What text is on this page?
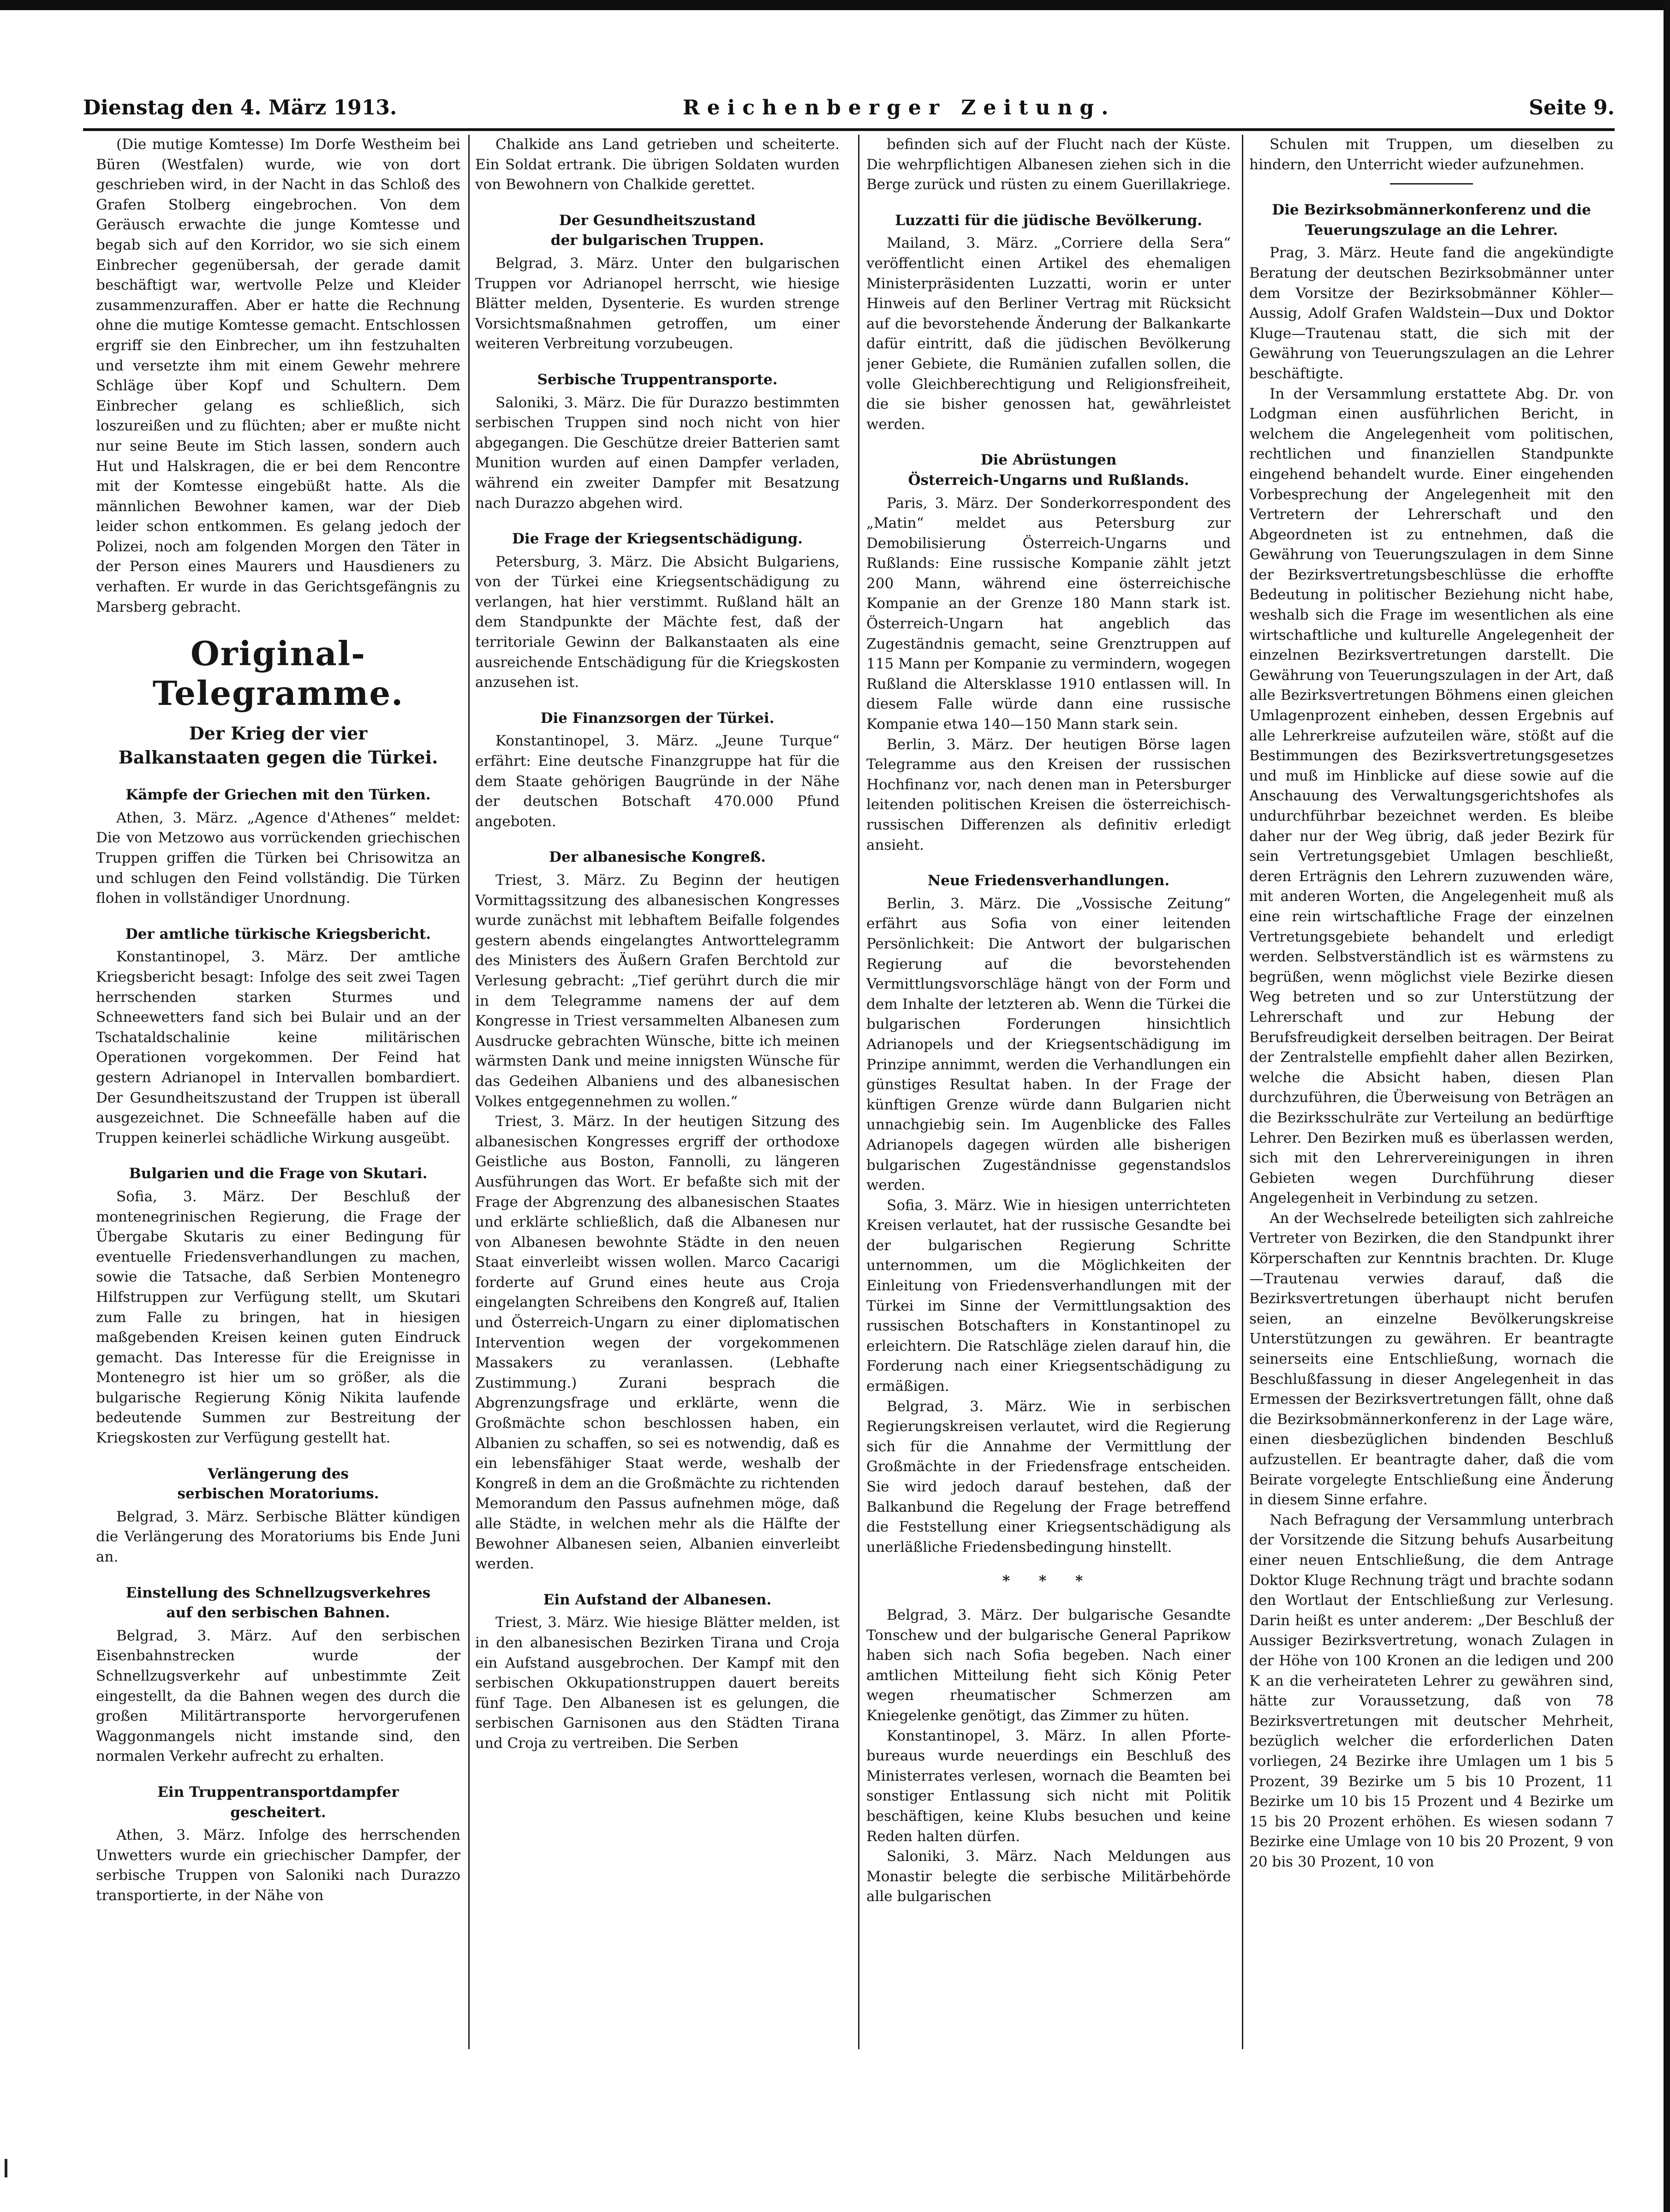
Dienstag den 4. März 1913.	Reichenberger Zeitung.	Seite 9.

(Die mutige Komtesse) Im Dorfe Westheim bei Büren (Westfalen) wurde, wie von dort geschrieben wird, in der Nacht in das Schloß des Grafen Stolberg eingebrochen. Von dem Geräusch erwachte die junge Komtesse und begab sich auf den Korridor, wo sie sich einem Einbrecher gegenübersah, der gerade damit beschäftigt war, wertvolle Pelze und Kleider zusammenzuraffen. Aber er hatte die Rechnung ohne die mutige Komtesse gemacht. Entschlossen ergriff sie den Einbrecher, um ihn festzuhalten und versetzte ihm mit einem Gewehr mehrere Schläge über Kopf und Schultern. Dem Einbrecher gelang es schließlich, sich loszureißen und zu flüchten; aber er mußte nicht nur seine Beute im Stich lassen, sondern auch Hut und Halskragen, die er bei dem Rencontre mit der Komtesse eingebüßt hatte. Als die männlichen Bewohner kamen, war der Dieb leider schon entkommen. Es gelang jedoch der Polizei, noch am folgenden Morgen den Täter in der Person eines Maurers und Hausdieners zu verhaften. Er wurde in das Gerichtsgefängnis zu Marsberg gebracht.

Original-Telegramme.
Der Krieg der vier
Balkanstaaten gegen die Türkei.
Kämpfe der Griechen mit den Türken.

Athen, 3. März. „Agence d'Athenes“ meldet: Die von Metzowo aus vorrückenden griechischen Truppen griffen die Türken bei Chrisowitza an und schlugen den Feind vollständig. Die Türken flohen in vollständiger Unordnung.

Der amtliche türkische Kriegsbericht.

Konstantinopel, 3. März. Der amtliche Kriegsbericht besagt: Infolge des seit zwei Tagen herrschenden starken Sturmes und Schneewetters fand sich bei Bulair und an der Tschataldschalinie keine militärischen Operationen vorgekommen. Der Feind hat gestern Adrianopel in Intervallen bombardiert. Der Gesundheitszustand der Truppen ist überall ausgezeichnet. Die Schneefälle haben auf die Truppen keinerlei schädliche Wirkung ausgeübt.

Bulgarien und die Frage von Skutari.

Sofia, 3. März. Der Beschluß der montenegrinischen Regierung, die Frage der Übergabe Skutaris zu einer Bedingung für eventuelle Friedensverhandlungen zu machen, sowie die Tatsache, daß Serbien Montenegro Hilfstruppen zur Verfügung stellt, um Skutari zum Falle zu bringen, hat in hiesigen maßgebenden Kreisen keinen guten Eindruck gemacht. Das Interesse für die Ereignisse in Montenegro ist hier um so größer, als die bulgarische Regierung König Nikita laufende bedeutende Summen zur Bestreitung der Kriegskosten zur Verfügung gestellt hat.

Verlängerung des
serbischen Moratoriums.

Belgrad, 3. März. Serbische Blätter kündigen die Verlängerung des Moratoriums bis Ende Juni an.

Einstellung des Schnellzugsverkehres
auf den serbischen Bahnen.

Belgrad, 3. März. Auf den serbischen Eisenbahnstrecken wurde der Schnellzugsverkehr auf unbestimmte Zeit eingestellt, da die Bahnen wegen des durch die großen Militärtransporte hervorgerufenen Waggonmangels nicht imstande sind, den normalen Verkehr aufrecht zu erhalten.

Ein Truppentransportdampfer
gescheitert.

Athen, 3. März. Infolge des herrschenden Unwetters wurde ein griechischer Dampfer, der serbische Truppen von Saloniki nach Durazzo transportierte, in der Nähe von

Chalkide ans Land getrieben und scheiterte. Ein Soldat ertrank. Die übrigen Soldaten wurden von Bewohnern von Chalkide gerettet.

Der Gesundheitszustand
der bulgarischen Truppen.

Belgrad, 3. März. Unter den bulgarischen Truppen vor Adrianopel herrscht, wie hiesige Blätter melden, Dysenterie. Es wurden strenge Vorsichtsmaßnahmen getroffen, um einer weiteren Verbreitung vorzubeugen.

Serbische Truppentransporte.

Saloniki, 3. März. Die für Durazzo bestimmten serbischen Truppen sind noch nicht von hier abgegangen. Die Geschütze dreier Batterien samt Munition wurden auf einen Dampfer verladen, während ein zweiter Dampfer mit Besatzung nach Durazzo abgehen wird.

Die Frage der Kriegsentschädigung.

Petersburg, 3. März. Die Absicht Bulgariens, von der Türkei eine Kriegsentschädigung zu verlangen, hat hier verstimmt. Rußland hält an dem Standpunkte der Mächte fest, daß der territoriale Gewinn der Balkanstaaten als eine ausreichende Entschädigung für die Kriegskosten anzusehen ist.

Die Finanzsorgen der Türkei.

Konstantinopel, 3. März. „Jeune Turque“ erfährt: Eine deutsche Finanzgruppe hat für die dem Staate gehörigen Baugründe in der Nähe der deutschen Botschaft 470.000 Pfund angeboten.

Der albanesische Kongreß.

Triest, 3. März. Zu Beginn der heutigen Vormittagssitzung des albanesischen Kongresses wurde zunächst mit lebhaftem Beifalle folgendes gestern abends eingelangtes Antworttelegramm des Ministers des Äußern Grafen Berchtold zur Verlesung gebracht: „Tief gerührt durch die mir in dem Telegramme namens der auf dem Kongresse in Triest versammelten Albanesen zum Ausdrucke gebrachten Wünsche, bitte ich meinen wärmsten Dank und meine innigsten Wünsche für das Gedeihen Albaniens und des albanesischen Volkes entgegennehmen zu wollen.“

Triest, 3. März. In der heutigen Sitzung des albanesischen Kongresses ergriff der orthodoxe Geistliche aus Boston, Fannolli, zu längeren Ausführungen das Wort. Er befaßte sich mit der Frage der Abgrenzung des albanesischen Staates und erklärte schließlich, daß die Albanesen nur von Albanesen bewohnte Städte in den neuen Staat einverleibt wissen wollen. Marco Cacarigi forderte auf Grund eines heute aus Croja eingelangten Schreibens den Kongreß auf, Italien und Österreich-Ungarn zu einer diplomatischen Intervention wegen der vorgekommenen Massakers zu veranlassen. (Lebhafte Zustimmung.) Zurani besprach die Abgrenzungsfrage und erklärte, wenn die Großmächte schon beschlossen haben, ein Albanien zu schaffen, so sei es notwendig, daß es ein lebensfähiger Staat werde, weshalb der Kongreß in dem an die Großmächte zu richtenden Memorandum den Passus aufnehmen möge, daß alle Städte, in welchen mehr als die Hälfte der Bewohner Albanesen seien, Albanien einverleibt werden.

Ein Aufstand der Albanesen.

Triest, 3. März. Wie hiesige Blätter melden, ist in den albanesischen Bezirken Tirana und Croja ein Aufstand ausgebrochen. Der Kampf mit den serbischen Okkupationstruppen dauert bereits fünf Tage. Den Albanesen ist es gelungen, die serbischen Garnisonen aus den Städten Tirana und Croja zu vertreiben. Die Serben

befinden sich auf der Flucht nach der Küste. Die wehrpflichtigen Albanesen ziehen sich in die Berge zurück und rüsten zu einem Guerillakriege.

Luzzatti für die jüdische Bevölkerung.

Mailand, 3. März. „Corriere della Sera“ veröffentlicht einen Artikel des ehemaligen Ministerpräsidenten Luzzatti, worin er unter Hinweis auf den Berliner Vertrag mit Rücksicht auf die bevorstehende Änderung der Balkankarte dafür eintritt, daß die jüdischen Bevölkerung jener Gebiete, die Rumänien zufallen sollen, die volle Gleichberechtigung und Religionsfreiheit, die sie bisher genossen hat, gewährleistet werden.

Die Abrüstungen
Österreich-Ungarns und Rußlands.

Paris, 3. März. Der Sonderkorrespondent des „Matin“ meldet aus Petersburg zur Demobilisierung Österreich-Ungarns und Rußlands: Eine russische Kompanie zählt jetzt 200 Mann, während eine österreichische Kompanie an der Grenze 180 Mann stark ist. Österreich-Ungarn hat angeblich das Zugeständnis gemacht, seine Grenztruppen auf 115 Mann per Kompanie zu vermindern, wogegen Rußland die Altersklasse 1910 entlassen will. In diesem Falle würde dann eine russische Kompanie etwa 140—150 Mann stark sein.

Berlin, 3. März. Der heutigen Börse lagen Telegramme aus den Kreisen der russischen Hochfinanz vor, nach denen man in Petersburger leitenden politischen Kreisen die österreichisch-russischen Differenzen als definitiv erledigt ansieht.

Neue Friedensverhandlungen.

Berlin, 3. März. Die „Vossische Zeitung“ erfährt aus Sofia von einer leitenden Persönlichkeit: Die Antwort der bulgarischen Regierung auf die bevorstehenden Vermittlungsvorschläge hängt von der Form und dem Inhalte der letzteren ab. Wenn die Türkei die bulgarischen Forderungen hinsichtlich Adrianopels und der Kriegsentschädigung im Prinzipe annimmt, werden die Verhandlungen ein günstiges Resultat haben. In der Frage der künftigen Grenze würde dann Bulgarien nicht unnachgiebig sein. Im Augenblicke des Falles Adrianopels dagegen würden alle bisherigen bulgarischen Zugeständnisse gegenstandslos werden.

Sofia, 3. März. Wie in hiesigen unterrichteten Kreisen verlautet, hat der russische Gesandte bei der bulgarischen Regierung Schritte unternommen, um die Möglichkeiten der Einleitung von Friedensverhandlungen mit der Türkei im Sinne der Vermittlungsaktion des russischen Botschafters in Konstantinopel zu erleichtern. Die Ratschläge zielen darauf hin, die Forderung nach einer Kriegsentschädigung zu ermäßigen.

Belgrad, 3. März. Wie in serbischen Regierungskreisen verlautet, wird die Regierung sich für die Annahme der Vermittlung der Großmächte in der Friedensfrage entscheiden. Sie wird jedoch darauf bestehen, daß der Balkanbund die Regelung der Frage betreffend die Feststellung einer Kriegsentschädigung als unerläßliche Friedensbedingung hinstellt.

* * *

Belgrad, 3. März. Der bulgarische Gesandte Tonschew und der bulgarische General Paprikow haben sich nach Sofia begeben. Nach einer amtlichen Mitteilung fieht sich König Peter wegen rheumatischer Schmerzen am Kniegelenke genötigt, das Zimmer zu hüten.

Konstantinopel, 3. März. In allen Pforte-bureaus wurde neuerdings ein Beschluß des Ministerrates verlesen, wornach die Beamten bei sonstiger Entlassung sich nicht mit Politik beschäftigen, keine Klubs besuchen und keine Reden halten dürfen.

Saloniki, 3. März. Nach Meldungen aus Monastir belegte die serbische Militärbehörde alle bulgarischen

Schulen mit Truppen, um dieselben zu hindern, den Unterricht wieder aufzunehmen.

Die Bezirksobmännerkonferenz und die
Teuerungszulage an die Lehrer.

Prag, 3. März. Heute fand die angekündigte Beratung der deutschen Bezirksobmänner unter dem Vorsitze der Bezirksobmänner Köhler—Aussig, Adolf Grafen Waldstein—Dux und Doktor Kluge—Trautenau statt, die sich mit der Gewährung von Teuerungszulagen an die Lehrer beschäftigte.

In der Versammlung erstattete Abg. Dr. von Lodgman einen ausführlichen Bericht, in welchem die Angelegenheit vom politischen, rechtlichen und finanziellen Standpunkte eingehend behandelt wurde. Einer eingehenden Vorbesprechung der Angelegenheit mit den Vertretern der Lehrerschaft und den Abgeordneten ist zu entnehmen, daß die Gewährung von Teuerungszulagen in dem Sinne der Bezirksvertretungsbeschlüsse die erhoffte Bedeutung in politischer Beziehung nicht habe, weshalb sich die Frage im wesentlichen als eine wirtschaftliche und kulturelle Angelegenheit der einzelnen Bezirksvertretungen darstellt. Die Gewährung von Teuerungszulagen in der Art, daß alle Bezirksvertretungen Böhmens einen gleichen Umlagenprozent einheben, dessen Ergebnis auf alle Lehrerkreise aufzuteilen wäre, stößt auf die Bestimmungen des Bezirksvertretungsgesetzes und muß im Hinblicke auf diese sowie auf die Anschauung des Verwaltungsgerichtshofes als undurchführbar bezeichnet werden. Es bleibe daher nur der Weg übrig, daß jeder Bezirk für sein Vertretungsgebiet Umlagen beschließt, deren Erträgnis den Lehrern zuzuwenden wäre, mit anderen Worten, die Angelegenheit muß als eine rein wirtschaftliche Frage der einzelnen Vertretungsgebiete behandelt und erledigt werden. Selbstverständlich ist es wärmstens zu begrüßen, wenn möglichst viele Bezirke diesen Weg betreten und so zur Unterstützung der Lehrerschaft und zur Hebung der Berufsfreudigkeit derselben beitragen. Der Beirat der Zentralstelle empfiehlt daher allen Bezirken, welche die Absicht haben, diesen Plan durchzuführen, die Überweisung von Beträgen an die Bezirksschulräte zur Verteilung an bedürftige Lehrer. Den Bezirken muß es überlassen werden, sich mit den Lehrervereinigungen in ihren Gebieten wegen Durchführung dieser Angelegenheit in Verbindung zu setzen.

An der Wechselrede beteiligten sich zahlreiche Vertreter von Bezirken, die den Standpunkt ihrer Körperschaften zur Kenntnis brachten. Dr. Kluge—Trautenau verwies darauf, daß die Bezirksvertretungen überhaupt nicht berufen seien, an einzelne Bevölkerungskreise Unterstützungen zu gewähren. Er beantragte seinerseits eine Entschließung, wornach die Beschlußfassung in dieser Angelegenheit in das Ermessen der Bezirksvertretungen fällt, ohne daß die Bezirksobmännerkonferenz in der Lage wäre, einen diesbezüglichen bindenden Beschluß aufzustellen. Er beantragte daher, daß die vom Beirate vorgelegte Entschließung eine Änderung in diesem Sinne erfahre.

Nach Befragung der Versammlung unterbrach der Vorsitzende die Sitzung behufs Ausarbeitung einer neuen Entschließung, die dem Antrage Doktor Kluge Rechnung trägt und brachte sodann den Wortlaut der Entschließung zur Verlesung. Darin heißt es unter anderem: „Der Beschluß der Aussiger Bezirksvertretung, wonach Zulagen in der Höhe von 100 Kronen an die ledigen und 200 K an die verheirateten Lehrer zu gewähren sind, hätte zur Voraussetzung, daß von 78 Bezirksvertretungen mit deutscher Mehrheit, bezüglich welcher die erforderlichen Daten vorliegen, 24 Bezirke ihre Umlagen um 1 bis 5 Prozent, 39 Bezirke um 5 bis 10 Prozent, 11 Bezirke um 10 bis 15 Prozent und 4 Bezirke um 15 bis 20 Prozent erhöhen. Es wiesen sodann 7 Bezirke eine Umlage von 10 bis 20 Prozent, 9 von 20 bis 30 Prozent, 10 von
